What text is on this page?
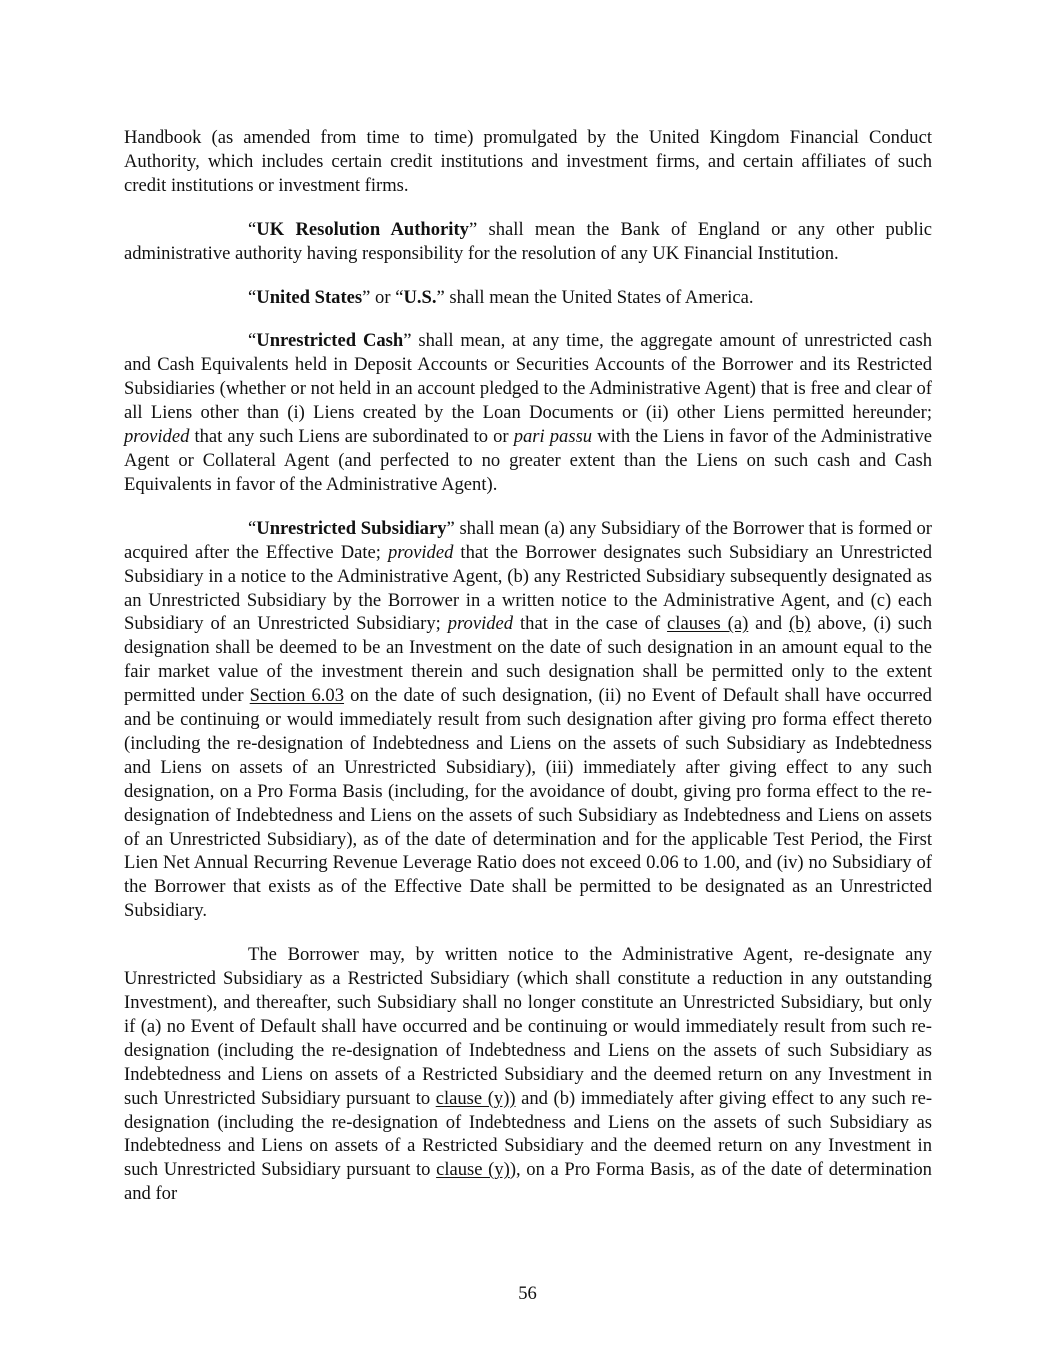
Handbook (as amended from time to time) promulgated by the United Kingdom Financial Conduct Authority, which includes certain credit institutions and investment firms, and certain affiliates of such credit institutions or investment firms.

“UK Resolution Authority” shall mean the Bank of England or any other public administrative authority having responsibility for the resolution of any UK Financial Institution.

“United States” or “U.S.” shall mean the United States of America.

“Unrestricted Cash” shall mean, at any time, the aggregate amount of unrestricted cash and Cash Equivalents held in Deposit Accounts or Securities Accounts of the Borrower and its Restricted Subsidiaries (whether or not held in an account pledged to the Administrative Agent) that is free and clear of all Liens other than (i) Liens created by the Loan Documents or (ii) other Liens permitted hereunder; provided that any such Liens are subordinated to or pari passu with the Liens in favor of the Administrative Agent or Collateral Agent (and perfected to no greater extent than the Liens on such cash and Cash Equivalents in favor of the Administrative Agent).

“Unrestricted Subsidiary” shall mean (a) any Subsidiary of the Borrower that is formed or acquired after the Effective Date; provided that the Borrower designates such Subsidiary an Unrestricted Subsidiary in a notice to the Administrative Agent, (b) any Restricted Subsidiary subsequently designated as an Unrestricted Subsidiary by the Borrower in a written notice to the Administrative Agent, and (c) each Subsidiary of an Unrestricted Subsidiary; provided that in the case of clauses (a) and (b) above, (i) such designation shall be deemed to be an Investment on the date of such designation in an amount equal to the fair market value of the investment therein and such designation shall be permitted only to the extent permitted under Section 6.03 on the date of such designation, (ii) no Event of Default shall have occurred and be continuing or would immediately result from such designation after giving pro forma effect thereto (including the re-designation of Indebtedness and Liens on the assets of such Subsidiary as Indebtedness and Liens on assets of an Unrestricted Subsidiary), (iii) immediately after giving effect to any such designation, on a Pro Forma Basis (including, for the avoidance of doubt, giving pro forma effect to the re-designation of Indebtedness and Liens on the assets of such Subsidiary as Indebtedness and Liens on assets of an Unrestricted Subsidiary), as of the date of determination and for the applicable Test Period, the First Lien Net Annual Recurring Revenue Leverage Ratio does not exceed 0.06 to 1.00, and (iv) no Subsidiary of the Borrower that exists as of the Effective Date shall be permitted to be designated as an Unrestricted Subsidiary.

The Borrower may, by written notice to the Administrative Agent, re-designate any Unrestricted Subsidiary as a Restricted Subsidiary (which shall constitute a reduction in any outstanding Investment), and thereafter, such Subsidiary shall no longer constitute an Unrestricted Subsidiary, but only if (a) no Event of Default shall have occurred and be continuing or would immediately result from such re-designation (including the re-designation of Indebtedness and Liens on the assets of such Subsidiary as Indebtedness and Liens on assets of a Restricted Subsidiary and the deemed return on any Investment in such Unrestricted Subsidiary pursuant to clause (y)) and (b) immediately after giving effect to any such re-designation (including the re-designation of Indebtedness and Liens on the assets of such Subsidiary as Indebtedness and Liens on assets of a Restricted Subsidiary and the deemed return on any Investment in such Unrestricted Subsidiary pursuant to clause (y)), on a Pro Forma Basis, as of the date of determination and for

56
